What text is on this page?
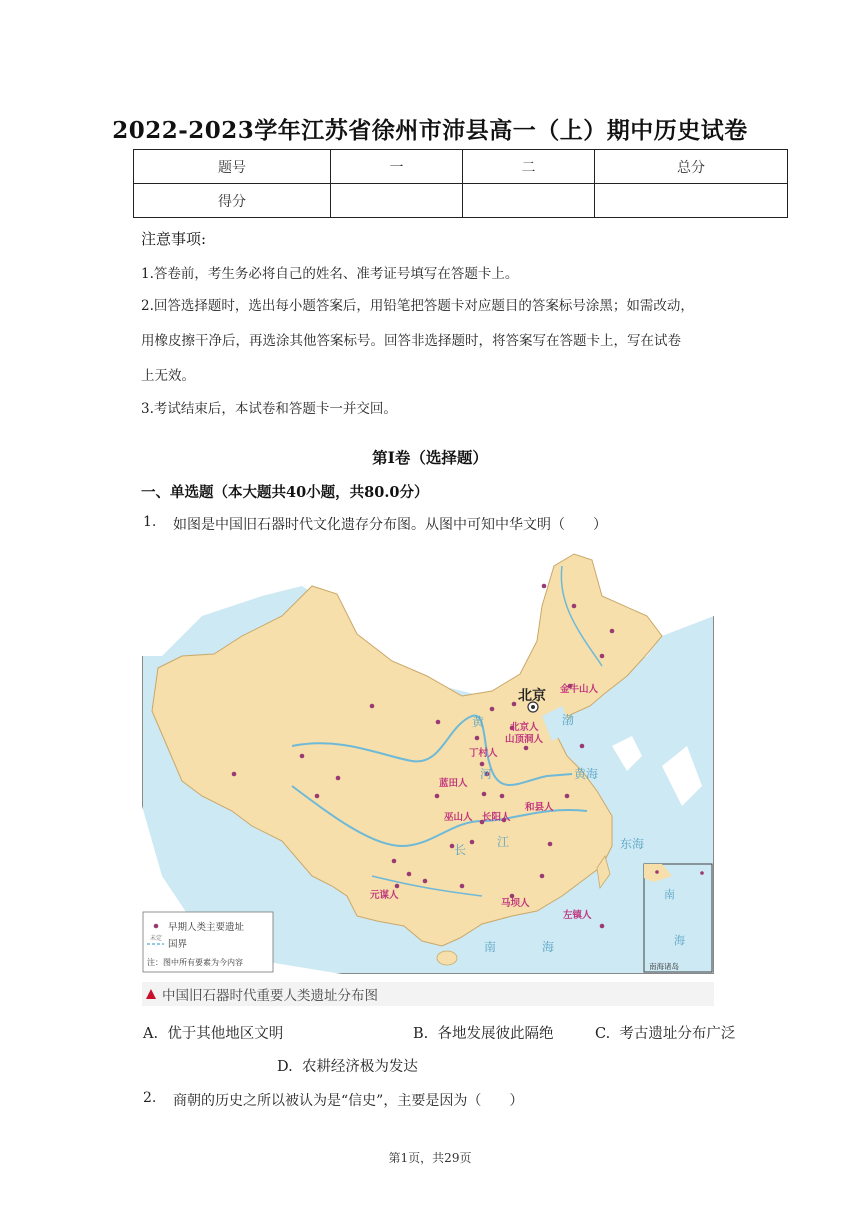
2022-2023学年江苏省徐州市沛县高一（上）期中历史试卷
题号	一	二	总分
得分			
注意事项:
1.答卷前，考生务必将自己的姓名、准考证号填写在答题卡上。
2.回答选择题时，选出每小题答案后，用铅笔把答题卡对应题目的答案标号涂黑；如需改动，
用橡皮擦干净后，再选涂其他答案标号。回答非选择题时，将答案写在答题卡上，写在试卷
上无效。
3.考试结束后，本试卷和答题卡一并交回。
第I卷（选择题）
一、单选题（本大题共40小题，共80.0分）
1. 如图是中国旧石器时代文化遗存分布图。从图中可知中华文明（　　）
北京 金牛山人
北京人
山顶洞人
丁村人
蓝田人
和县人
巫山人 长阳人
元谋人
马坝人
左镇人
黄
河
长
江
渤
黄海
东海
南	海
南
海
南海诸岛
早期人类主要遗址
未定 国界
注：图中所有要素为今内容
中国旧石器时代重要人类遗址分布图
A. 优于其他地区文明	B. 各地发展彼此隔绝	C. 考古遗址分布广泛
D. 农耕经济极为发达
2. 商朝的历史之所以被认为是“信史”，主要是因为（　　）
第1页，共29页
